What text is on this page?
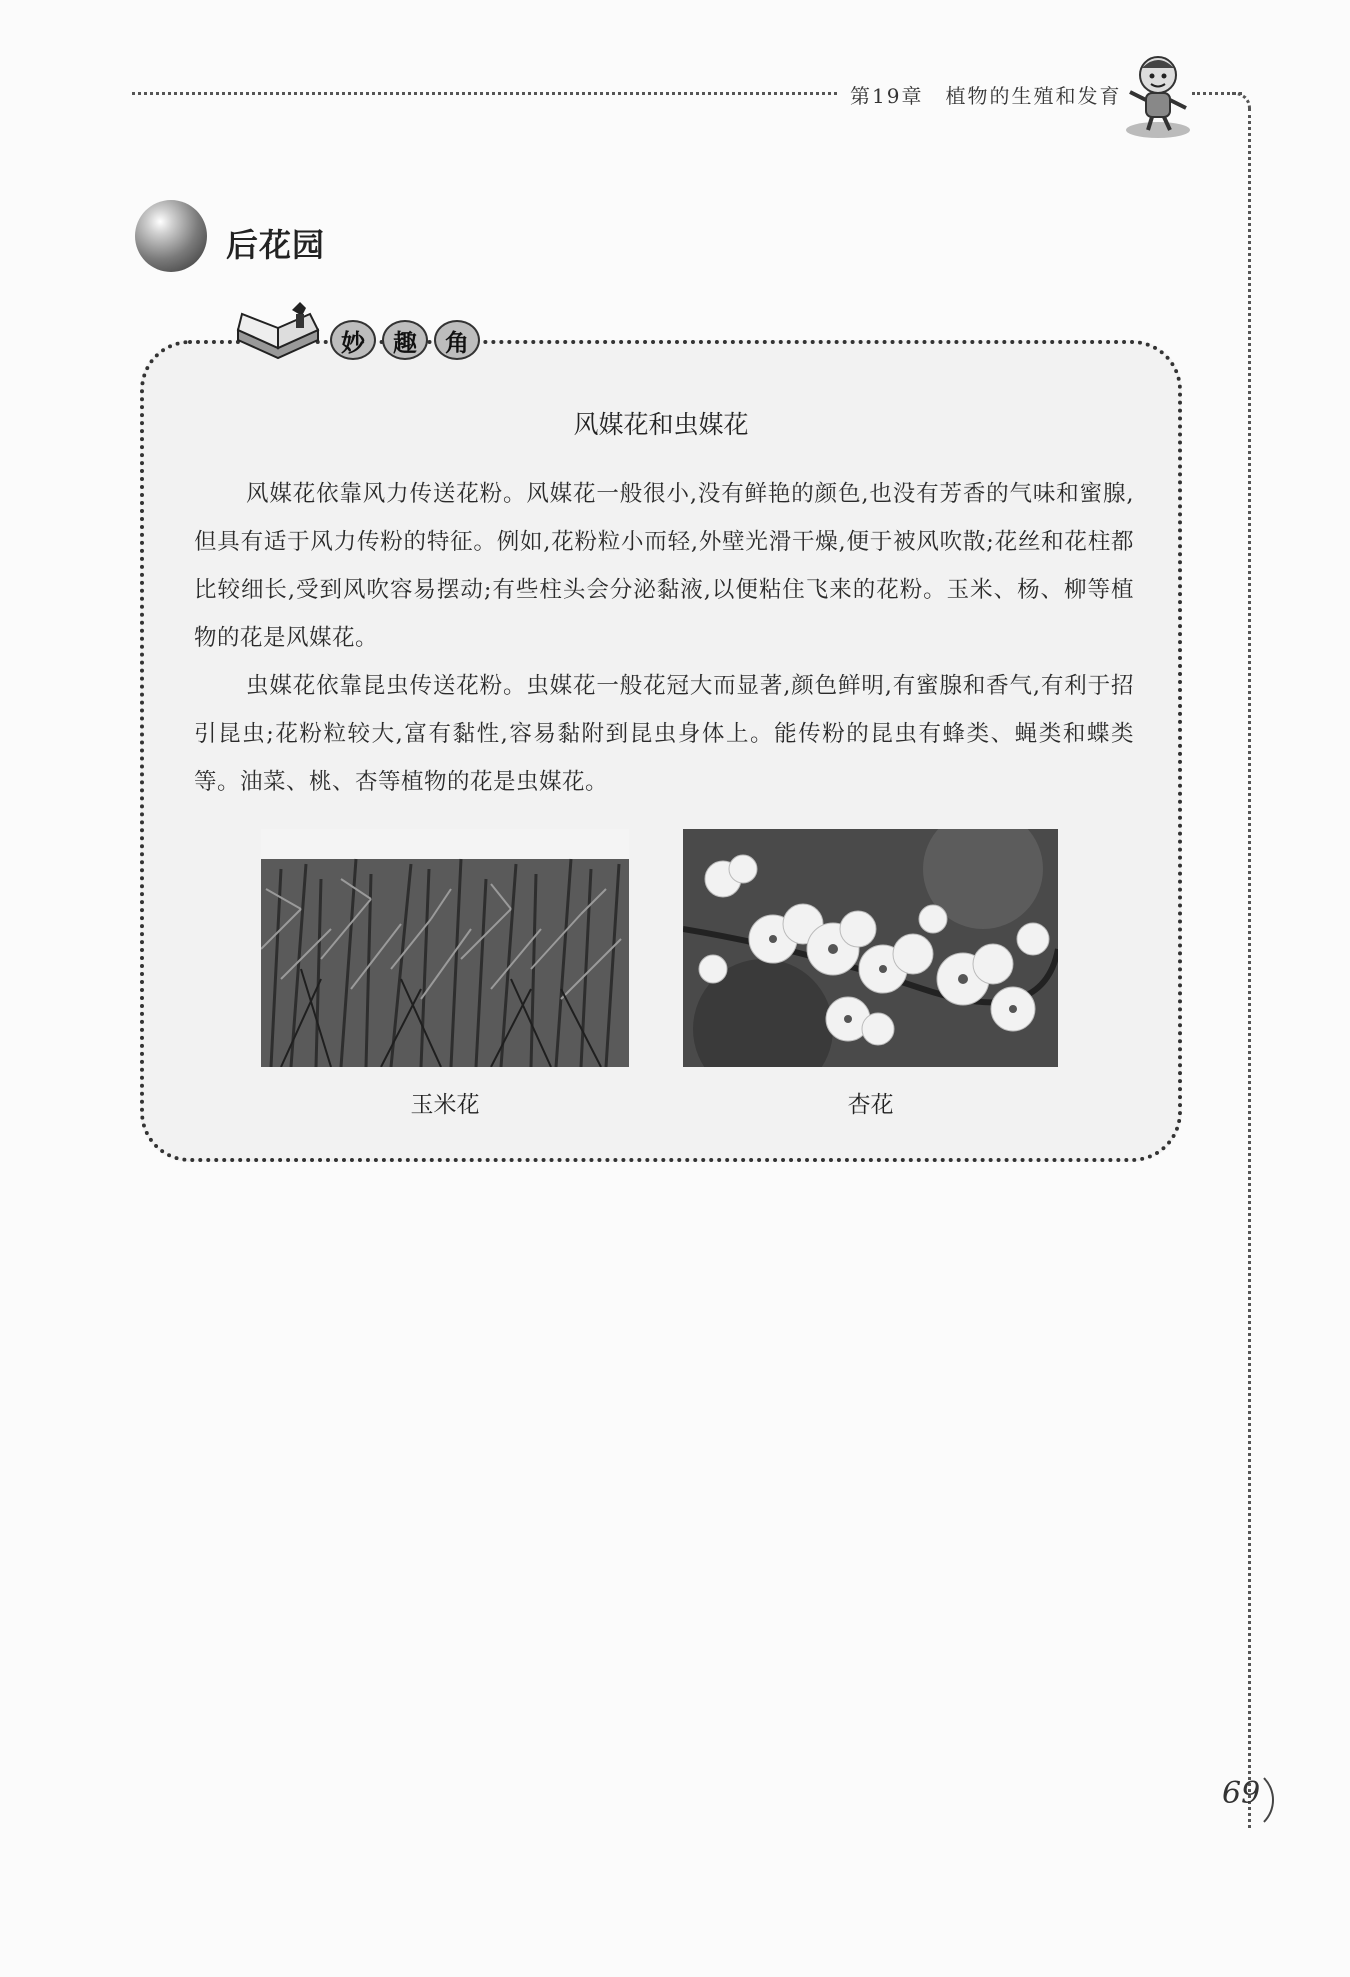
第19章 植物的生殖和发育
后花园
妙	趣	角
风媒花和虫媒花

风媒花依靠风力传送花粉。风媒花一般很小,没有鲜艳的颜色,也没有芳香的气味和蜜腺,但具有适于风力传粉的特征。例如,花粉粒小而轻,外壁光滑干燥,便于被风吹散;花丝和花柱都比较细长,受到风吹容易摆动;有些柱头会分泌黏液,以便粘住飞来的花粉。玉米、杨、柳等植物的花是风媒花。

虫媒花依靠昆虫传送花粉。虫媒花一般花冠大而显著,颜色鲜明,有蜜腺和香气,有利于招引昆虫;花粉粒较大,富有黏性,容易黏附到昆虫身体上。能传粉的昆虫有蜂类、蝇类和蝶类等。油菜、桃、杏等植物的花是虫媒花。

玉米花	杏花
69
